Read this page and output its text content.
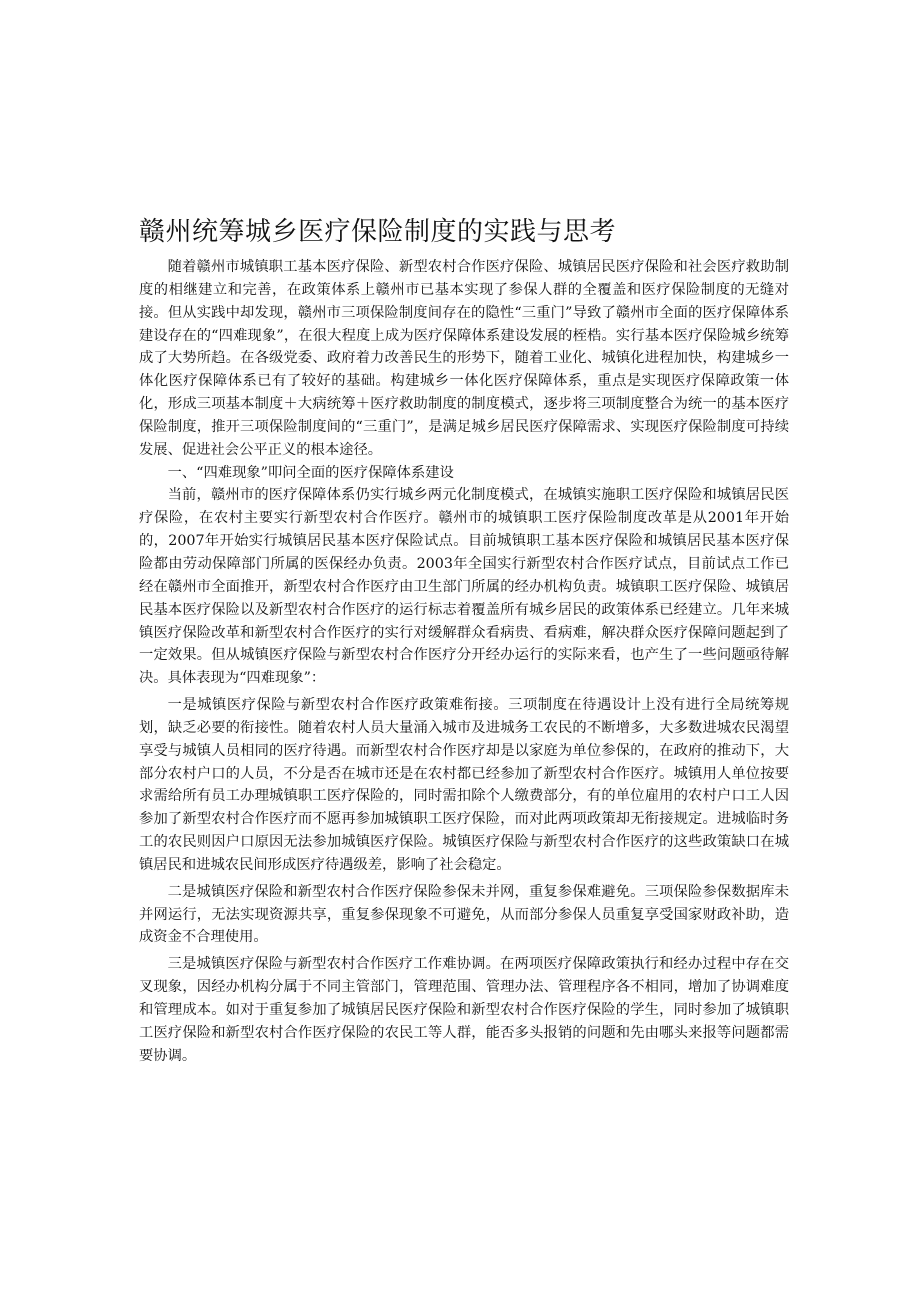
赣州统筹城乡医疗保险制度的实践与思考

随着赣州市城镇职工基本医疗保险、新型农村合作医疗保险、城镇居民医疗保险和社会医疗救助制度的相继建立和完善，在政策体系上赣州市已基本实现了参保人群的全覆盖和医疗保险制度的无缝对接。但从实践中却发现，赣州市三项保险制度间存在的隐性“三重门”导致了赣州市全面的医疗保障体系建设存在的“四难现象”，在很大程度上成为医疗保障体系建设发展的桎梏。实行基本医疗保险城乡统筹成了大势所趋。在各级党委、政府着力改善民生的形势下，随着工业化、城镇化进程加快，构建城乡一体化医疗保障体系已有了较好的基础。构建城乡一体化医疗保障体系，重点是实现医疗保障政策一体化，形成三项基本制度＋大病统筹＋医疗救助制度的制度模式，逐步将三项制度整合为统一的基本医疗保险制度，推开三项保险制度间的“三重门”，是满足城乡居民医疗保障需求、实现医疗保险制度可持续发展、促进社会公平正义的根本途径。

一、“四难现象”叩问全面的医疗保障体系建设

当前，赣州市的医疗保障体系仍实行城乡两元化制度模式，在城镇实施职工医疗保险和城镇居民医疗保险，在农村主要实行新型农村合作医疗。赣州市的城镇职工医疗保险制度改革是从2001年开始的，2007年开始实行城镇居民基本医疗保险试点。目前城镇职工基本医疗保险和城镇居民基本医疗保险都由劳动保障部门所属的医保经办负责。2003年全国实行新型农村合作医疗试点，目前试点工作已经在赣州市全面推开，新型农村合作医疗由卫生部门所属的经办机构负责。城镇职工医疗保险、城镇居民基本医疗保险以及新型农村合作医疗的运行标志着覆盖所有城乡居民的政策体系已经建立。几年来城镇医疗保险改革和新型农村合作医疗的实行对缓解群众看病贵、看病难，解决群众医疗保障问题起到了一定效果。但从城镇医疗保险与新型农村合作医疗分开经办运行的实际来看，也产生了一些问题亟待解决。具体表现为“四难现象”：

一是城镇医疗保险与新型农村合作医疗政策难衔接。三项制度在待遇设计上没有进行全局统筹规划，缺乏必要的衔接性。随着农村人员大量涌入城市及进城务工农民的不断增多，大多数进城农民渴望享受与城镇人员相同的医疗待遇。而新型农村合作医疗却是以家庭为单位参保的，在政府的推动下，大部分农村户口的人员，不分是否在城市还是在农村都已经参加了新型农村合作医疗。城镇用人单位按要求需给所有员工办理城镇职工医疗保险的，同时需扣除个人缴费部分，有的单位雇用的农村户口工人因参加了新型农村合作医疗而不愿再参加城镇职工医疗保险，而对此两项政策却无衔接规定。进城临时务工的农民则因户口原因无法参加城镇医疗保险。城镇医疗保险与新型农村合作医疗的这些政策缺口在城镇居民和进城农民间形成医疗待遇级差，影响了社会稳定。

二是城镇医疗保险和新型农村合作医疗保险参保未并网，重复参保难避免。三项保险参保数据库未并网运行，无法实现资源共享，重复参保现象不可避免，从而部分参保人员重复享受国家财政补助，造成资金不合理使用。

三是城镇医疗保险与新型农村合作医疗工作难协调。在两项医疗保障政策执行和经办过程中存在交叉现象，因经办机构分属于不同主管部门，管理范围、管理办法、管理程序各不相同，增加了协调难度和管理成本。如对于重复参加了城镇居民医疗保险和新型农村合作医疗保险的学生，同时参加了城镇职工医疗保险和新型农村合作医疗保险的农民工等人群，能否多头报销的问题和先由哪头来报等问题都需要协调。
